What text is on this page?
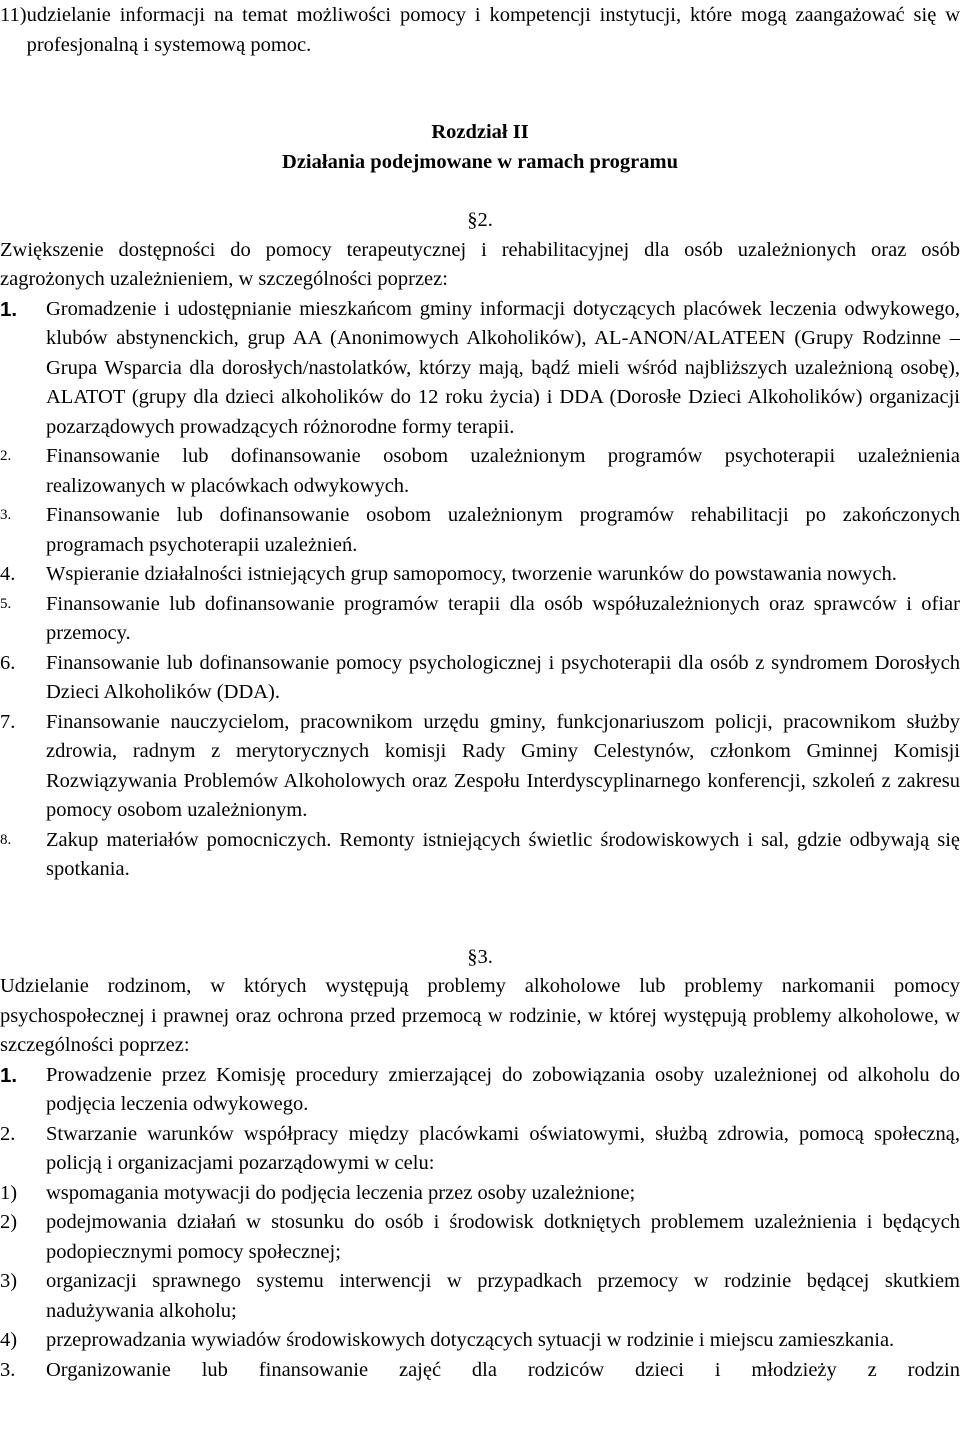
11) udzielanie informacji na temat możliwości pomocy i kompetencji instytucji, które mogą zaangażować się w profesjonalną i systemową pomoc.

Rozdział II

Działania podejmowane w ramach programu

§2.

Zwiększenie dostępności do pomocy terapeutycznej i rehabilitacyjnej dla osób uzależnionych oraz osób zagrożonych uzależnieniem, w szczególności poprzez:

1.	Gromadzenie i udostępnianie mieszkańcom gminy informacji dotyczących placówek leczenia odwykowego, klubów abstynenckich, grup AA (Anonimowych Alkoholików), AL-ANON/ALATEEN (Grupy Rodzinne – Grupa Wsparcia dla dorosłych/nastolatków, którzy mają, bądź mieli wśród najbliższych uzależnioną osobę), ALATOT (grupy dla dzieci alkoholików do 12 roku życia) i DDA (Dorosłe Dzieci Alkoholików) organizacji pozarządowych prowadzących różnorodne formy terapii.
2.	Finansowanie lub dofinansowanie osobom uzależnionym programów psychoterapii uzależnienia realizowanych w placówkach odwykowych.
3.	Finansowanie lub dofinansowanie osobom uzależnionym programów rehabilitacji po zakończonych programach psychoterapii uzależnień.
4.	Wspieranie działalności istniejących grup samopomocy, tworzenie warunków do powstawania nowych.
5.	Finansowanie lub dofinansowanie programów terapii dla osób współuzależnionych oraz sprawców i ofiar przemocy.
6.	Finansowanie lub dofinansowanie pomocy psychologicznej i psychoterapii dla osób z syndromem Dorosłych Dzieci Alkoholików (DDA).
7.	Finansowanie nauczycielom, pracownikom urzędu gminy, funkcjonariuszom policji, pracownikom służby zdrowia, radnym z merytorycznych komisji Rady Gminy Celestynów, członkom Gminnej Komisji Rozwiązywania Problemów Alkoholowych oraz Zespołu Interdyscyplinarnego konferencji, szkoleń z zakresu pomocy osobom uzależnionym.
8.	Zakup materiałów pomocniczych. Remonty istniejących świetlic środowiskowych i sal, gdzie odbywają się spotkania.

§3.

Udzielanie rodzinom, w których występują problemy alkoholowe lub problemy narkomanii pomocy psychospołecznej i prawnej oraz ochrona przed przemocą w rodzinie, w której występują problemy alkoholowe, w szczególności poprzez:

1.	Prowadzenie przez Komisję procedury zmierzającej do zobowiązania osoby uzależnionej od alkoholu do podjęcia leczenia odwykowego.
2.	Stwarzanie warunków współpracy między placówkami oświatowymi, służbą zdrowia, pomocą społeczną, policją i organizacjami pozarządowymi w celu:
1)	wspomagania motywacji do podjęcia leczenia przez osoby uzależnione;
2)	podejmowania działań w stosunku do osób i środowisk dotkniętych problemem uzależnienia i będących podopiecznymi pomocy społecznej;
3)	organizacji sprawnego systemu interwencji w przypadkach przemocy w rodzinie będącej skutkiem nadużywania alkoholu;
4)	przeprowadzania wywiadów środowiskowych dotyczących sytuacji w rodzinie i miejscu zamieszkania.
3.	Organizowanie lub finansowanie zajęć dla rodziców dzieci i młodzieży z rodzin
